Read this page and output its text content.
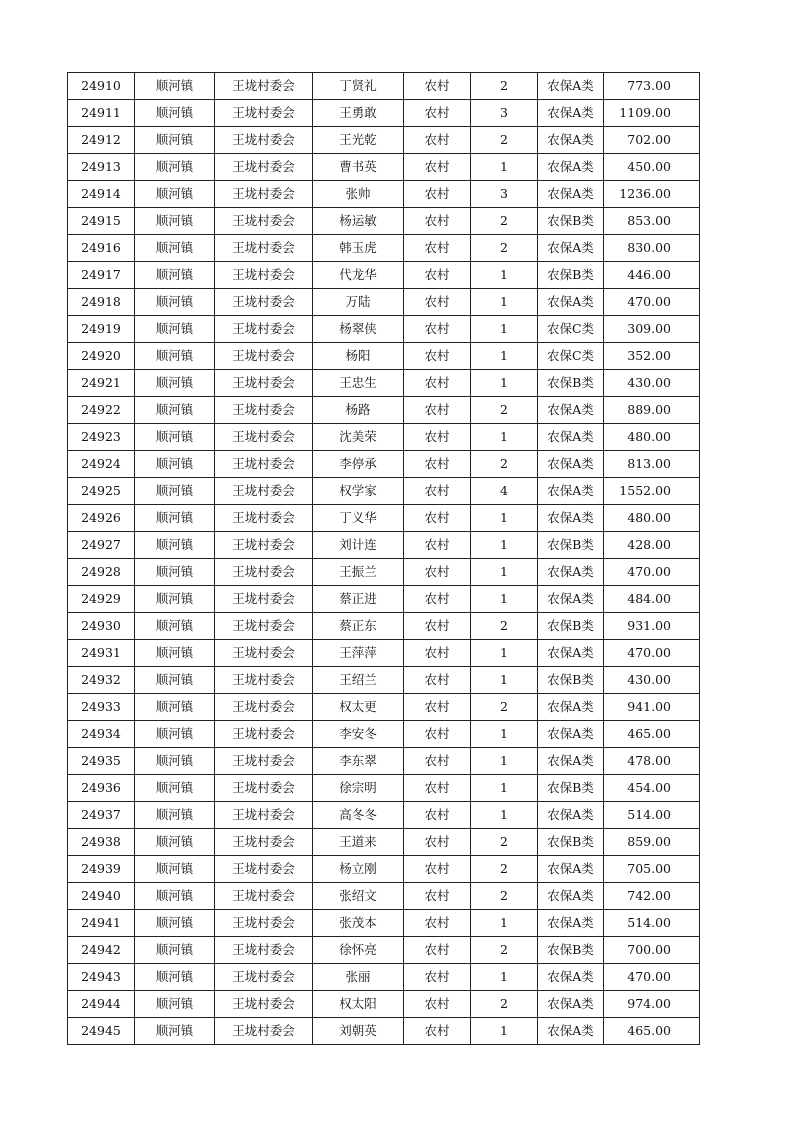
24910	顺河镇	王垅村委会	丁贤礼	农村	2	农保A类	773.00
24911	顺河镇	王垅村委会	王勇敢	农村	3	农保A类	1109.00
24912	顺河镇	王垅村委会	王光乾	农村	2	农保A类	702.00
24913	顺河镇	王垅村委会	曹书英	农村	1	农保A类	450.00
24914	顺河镇	王垅村委会	张帅	农村	3	农保A类	1236.00
24915	顺河镇	王垅村委会	杨运敏	农村	2	农保B类	853.00
24916	顺河镇	王垅村委会	韩玉虎	农村	2	农保A类	830.00
24917	顺河镇	王垅村委会	代龙华	农村	1	农保B类	446.00
24918	顺河镇	王垅村委会	万陆	农村	1	农保A类	470.00
24919	顺河镇	王垅村委会	杨翠侠	农村	1	农保C类	309.00
24920	顺河镇	王垅村委会	杨阳	农村	1	农保C类	352.00
24921	顺河镇	王垅村委会	王忠生	农村	1	农保B类	430.00
24922	顺河镇	王垅村委会	杨路	农村	2	农保A类	889.00
24923	顺河镇	王垅村委会	沈美荣	农村	1	农保A类	480.00
24924	顺河镇	王垅村委会	李停承	农村	2	农保A类	813.00
24925	顺河镇	王垅村委会	权学家	农村	4	农保A类	1552.00
24926	顺河镇	王垅村委会	丁义华	农村	1	农保A类	480.00
24927	顺河镇	王垅村委会	刘计连	农村	1	农保B类	428.00
24928	顺河镇	王垅村委会	王振兰	农村	1	农保A类	470.00
24929	顺河镇	王垅村委会	蔡正进	农村	1	农保A类	484.00
24930	顺河镇	王垅村委会	蔡正东	农村	2	农保B类	931.00
24931	顺河镇	王垅村委会	王萍萍	农村	1	农保A类	470.00
24932	顺河镇	王垅村委会	王绍兰	农村	1	农保B类	430.00
24933	顺河镇	王垅村委会	权太更	农村	2	农保A类	941.00
24934	顺河镇	王垅村委会	李安冬	农村	1	农保A类	465.00
24935	顺河镇	王垅村委会	李东翠	农村	1	农保A类	478.00
24936	顺河镇	王垅村委会	徐宗明	农村	1	农保B类	454.00
24937	顺河镇	王垅村委会	高冬冬	农村	1	农保A类	514.00
24938	顺河镇	王垅村委会	王道来	农村	2	农保B类	859.00
24939	顺河镇	王垅村委会	杨立刚	农村	2	农保A类	705.00
24940	顺河镇	王垅村委会	张绍文	农村	2	农保A类	742.00
24941	顺河镇	王垅村委会	张茂本	农村	1	农保A类	514.00
24942	顺河镇	王垅村委会	徐怀亮	农村	2	农保B类	700.00
24943	顺河镇	王垅村委会	张丽	农村	1	农保A类	470.00
24944	顺河镇	王垅村委会	权太阳	农村	2	农保A类	974.00
24945	顺河镇	王垅村委会	刘朝英	农村	1	农保A类	465.00
